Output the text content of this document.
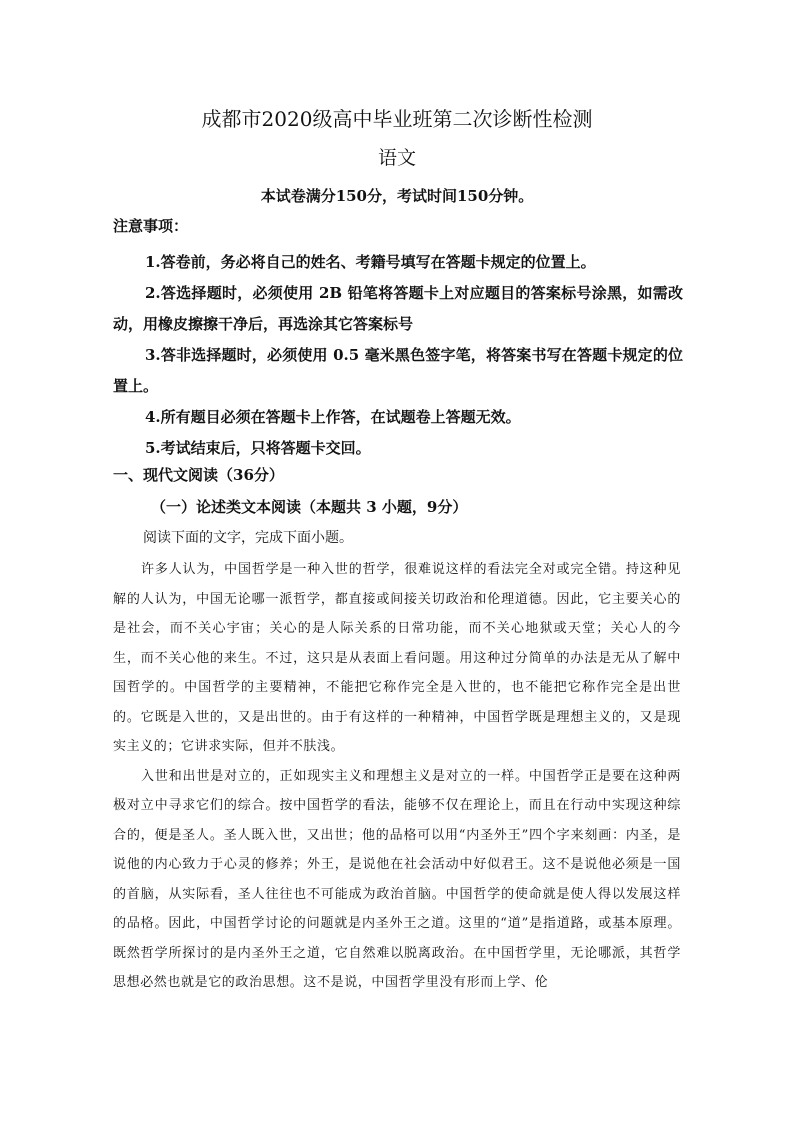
成都市2020级高中毕业班第二次诊断性检测
语文
本试卷满分150分，考试时间150分钟。
注意事项：

1.答卷前，务必将自己的姓名、考籍号填写在答题卡规定的位置上。

2.答选择题时，必须使用 2B 铅笔将答题卡上对应题目的答案标号涂黑，如需改动，用橡皮擦擦干净后，再选涂其它答案标号

3.答非选择题时，必须使用 0.5 毫米黑色签字笔，将答案书写在答题卡规定的位置上。

4.所有题目必须在答题卡上作答，在试题卷上答题无效。

5.考试结束后，只将答题卡交回。

一、现代文阅读（36分）
（一）论述类文本阅读（本题共 3 小题，9分）
阅读下面的文字，完成下面小题。

许多人认为，中国哲学是一种入世的哲学，很难说这样的看法完全对或完全错。持这种见解的人认为，中国无论哪一派哲学，都直接或间接关切政治和伦理道德。因此，它主要关心的是社会，而不关心宇宙；关心的是人际关系的日常功能，而不关心地狱或天堂；关心人的今生，而不关心他的来生。不过，这只是从表面上看问题。用这种过分简单的办法是无从了解中国哲学的。中国哲学的主要精神，不能把它称作完全是入世的，也不能把它称作完全是出世的。它既是入世的，又是出世的。由于有这样的一种精神，中国哲学既是理想主义的，又是现实主义的；它讲求实际，但并不肤浅。

入世和出世是对立的，正如现实主义和理想主义是对立的一样。中国哲学正是要在这种两极对立中寻求它们的综合。按中国哲学的看法，能够不仅在理论上，而且在行动中实现这种综合的，便是圣人。圣人既入世，又出世；他的品格可以用“内圣外王”四个字来刻画：内圣，是说他的内心致力于心灵的修养；外王，是说他在社会活动中好似君王。这不是说他必须是一国的首脑，从实际看，圣人往往也不可能成为政治首脑。中国哲学的使命就是使人得以发展这样的品格。因此，中国哲学讨论的问题就是内圣外王之道。这里的“道”是指道路，或基本原理。既然哲学所探讨的是内圣外王之道，它自然难以脱离政治。在中国哲学里，无论哪派，其哲学思想必然也就是它的政治思想。这不是说，中国哲学里没有形而上学、伦
